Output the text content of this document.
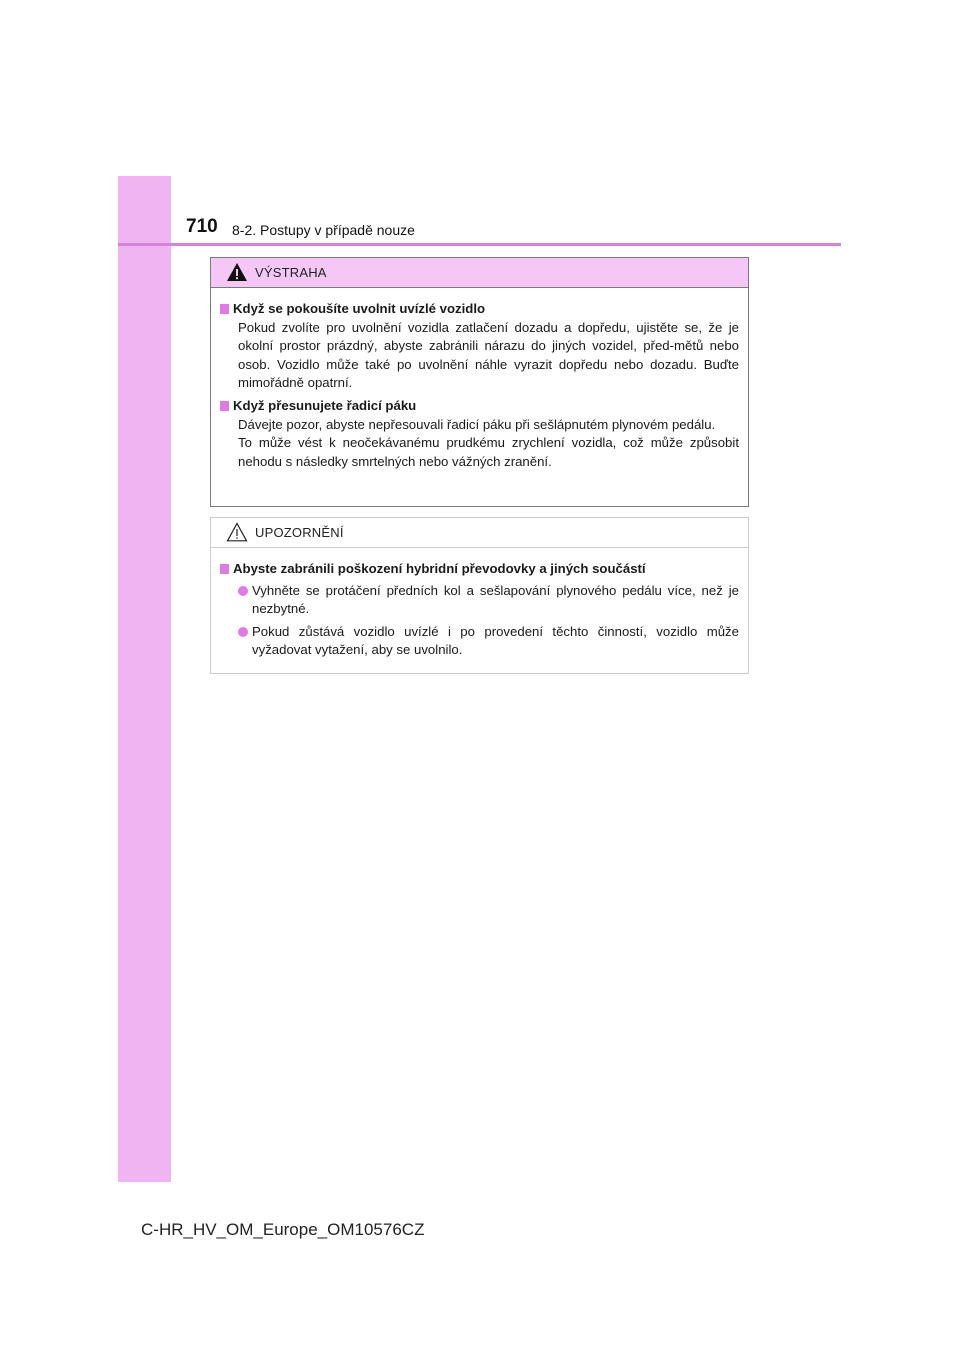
710 8-2. Postupy v případě nouze
VÝSTRAHA

Když se pokoušíte uvolnit uvízlé vozidlo

Pokud zvolíte pro uvolnění vozidla zatlačení dozadu a dopředu, ujistěte se, že je okolní prostor prázdný, abyste zabránili nárazu do jiných vozidel, před-mětů nebo osob. Vozidlo může také po uvolnění náhle vyrazit dopředu nebo dozadu. Buďte mimořádně opatrní.

Když přesunujete řadicí páku

Dávejte pozor, abyste nepřesouvali řadicí páku při sešlápnutém plynovém pedálu.

To může vést k neočekávanému prudkému zrychlení vozidla, což může způsobit nehodu s následky smrtelných nebo vážných zranění.

UPOZORNĚNÍ

Abyste zabránili poškození hybridní převodovky a jiných součástí

Vyhněte se protáčení předních kol a sešlapování plynového pedálu více, než je nezbytné.

Pokud zůstává vozidlo uvízlé i po provedení těchto činností, vozidlo může vyžadovat vytažení, aby se uvolnilo.

C-HR_HV_OM_Europe_OM10576CZ
